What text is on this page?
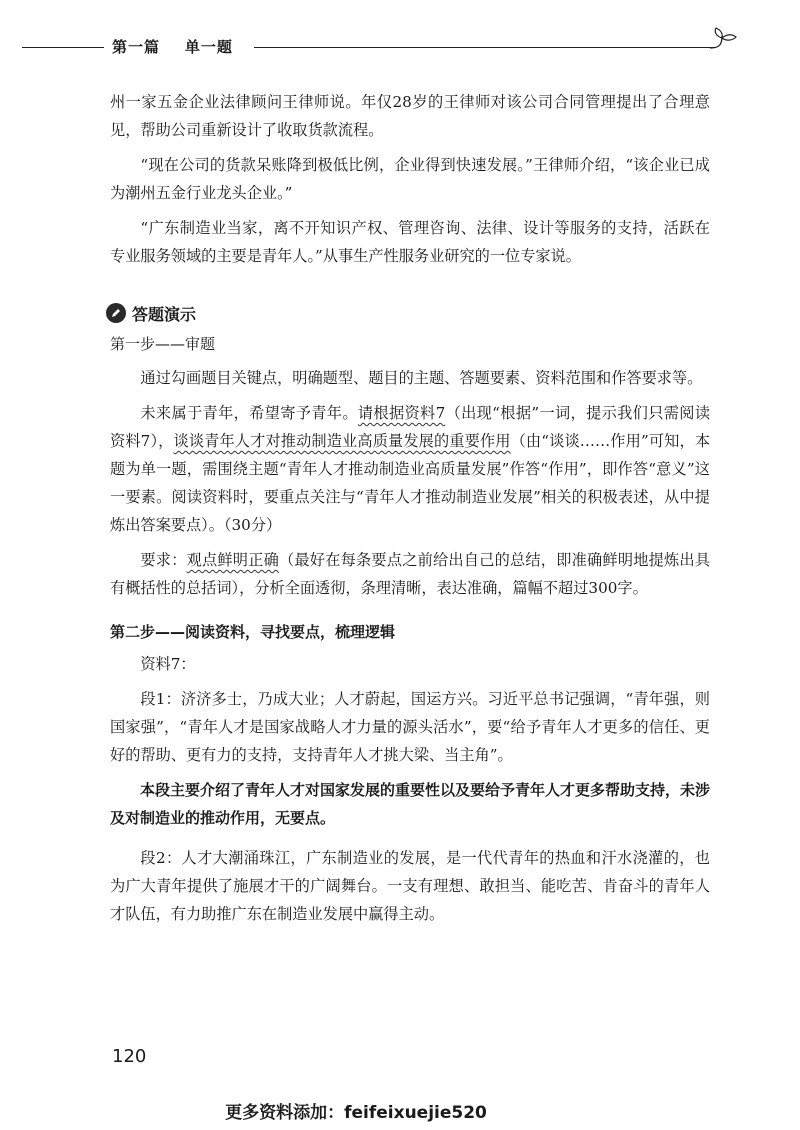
第一篇    单一题

州一家五金企业法律顾问王律师说。年仅28岁的王律师对该公司合同管理提出了合理意见，帮助公司重新设计了收取货款流程。

“现在公司的货款呆账降到极低比例，企业得到快速发展。”王律师介绍，“该企业已成为潮州五金行业龙头企业。”

“广东制造业当家，离不开知识产权、管理咨询、法律、设计等服务的支持，活跃在专业服务领域的主要是青年人。”从事生产性服务业研究的一位专家说。

答题演示
第一步——审题

通过勾画题目关键点，明确题型、题目的主题、答题要素、资料范围和作答要求等。

未来属于青年，希望寄予青年。请根据资料7（出现“根据”一词，提示我们只需阅读资料7），谈谈青年人才对推动制造业高质量发展的重要作用（由“谈谈……作用”可知，本题为单一题，需围绕主题“青年人才推动制造业高质量发展”作答“作用”，即作答“意义”这一要素。阅读资料时，要重点关注与“青年人才推动制造业发展”相关的积极表述，从中提炼出答案要点）。（30分）

要求：观点鲜明正确（最好在每条要点之前给出自己的总结，即准确鲜明地提炼出具有概括性的总括词），分析全面透彻，条理清晰，表达准确，篇幅不超过300字。

第二步——阅读资料，寻找要点，梳理逻辑

资料7：

段1：济济多士，乃成大业；人才蔚起，国运方兴。习近平总书记强调，“青年强，则国家强”，“青年人才是国家战略人才力量的源头活水”，要“给予青年人才更多的信任、更好的帮助、更有力的支持，支持青年人才挑大梁、当主角”。

本段主要介绍了青年人才对国家发展的重要性以及要给予青年人才更多帮助支持，未涉及对制造业的推动作用，无要点。

段2：人才大潮涌珠江，广东制造业的发展，是一代代青年的热血和汗水浇灌的，也为广大青年提供了施展才干的广阔舞台。一支有理想、敢担当、能吃苦、肯奋斗的青年人才队伍，有力助推广东在制造业发展中赢得主动。

120
更多资料添加：feifeixuejie520
